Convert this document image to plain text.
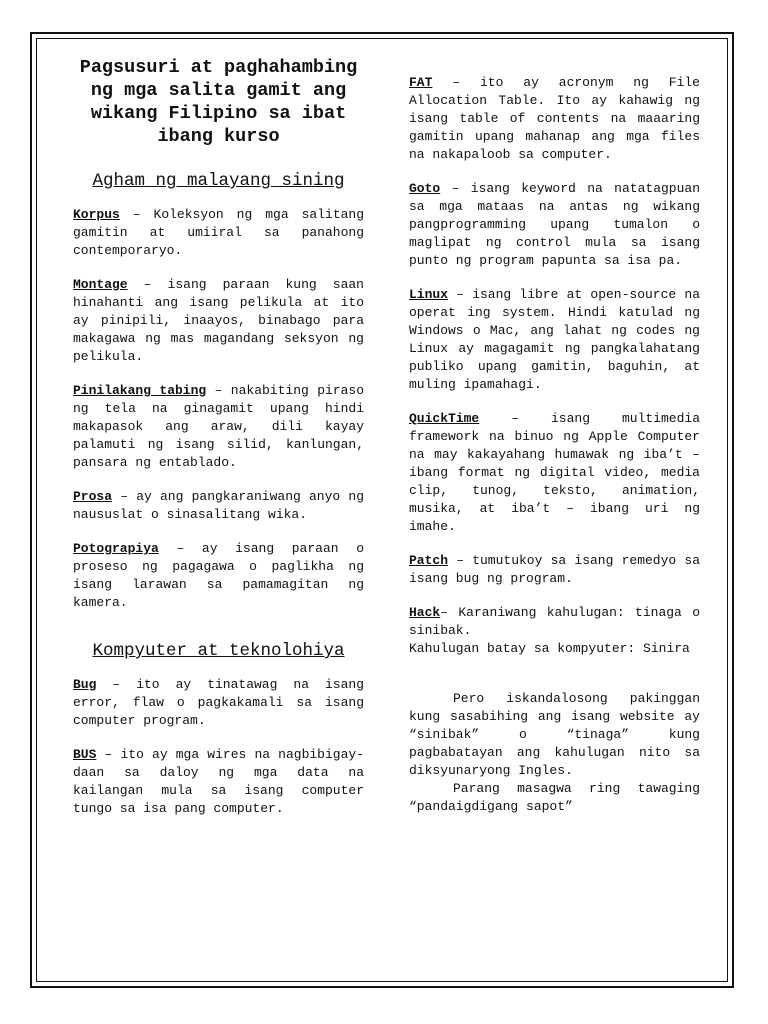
Pagsusuri at paghahambing ng mga salita gamit ang wikang Filipino sa ibat ibang kurso
Agham ng malayang sining
Korpus – Koleksyon ng mga salitang gamitin at umiiral sa panahong contemporaryo.
Montage – isang paraan kung saan hinahanti ang isang pelikula at ito ay pinipili, inaayos, binabago para makagawa ng mas magandang seksyon ng pelikula.
Pinilakang tabing – nakabiting piraso ng tela na ginagamit upang hindi makapasok ang araw, dili kayay palamuti ng isang silid, kanlungan, pansara ng entablado.
Prosa – ay ang pangkaraniwang anyo ng naususlat o sinasalitang wika.
Potograpiya – ay isang paraan o proseso ng pagagawa o paglikha ng isang larawan sa pamamagitan ng kamera.
Kompyuter at teknolohiya
Bug – ito ay tinatawag na isang error, flaw o pagkakamali sa isang computer program.
BUS – ito ay mga wires na nagbibigay-daan sa daloy ng mga data na kailangan mula sa isang computer tungo sa isa pang computer.
FAT – ito ay acronym ng File Allocation Table. Ito ay kahawig ng isang table of contents na maaaring gamitin upang mahanap ang mga files na nakapaloob sa computer.
Goto – isang keyword na natatagpuan sa mga mataas na antas ng wikang pangprogramming upang tumalon o maglipat ng control mula sa isang punto ng program papunta sa isa pa.
Linux – isang libre at open-source na operat ing system. Hindi katulad ng Windows o Mac, ang lahat ng codes ng Linux ay magagamit ng pangkalahatang publiko upang gamitin, baguhin, at muling ipamahagi.
QuickTime – isang multimedia framework na binuo ng Apple Computer na may kakayahang humawak ng iba’t – ibang format ng digital video, media clip, tunog, teksto, animation, musika, at iba’t – ibang uri ng imahe.
Patch – tumutukoy sa isang remedyo sa isang bug ng program.
Hack– Karaniwang kahulugan: tinaga o sinibak.
Kahulugan batay sa kompyuter: Sinira
Pero iskandalosong pakinggan kung sasabihing ang isang website ay “sinibak” o “tinaga” kung pagbabatayan ang kahulugan nito sa diksyunaryong Ingles.
Parang masagwa ring tawaging “pandaigdigang sapot”
